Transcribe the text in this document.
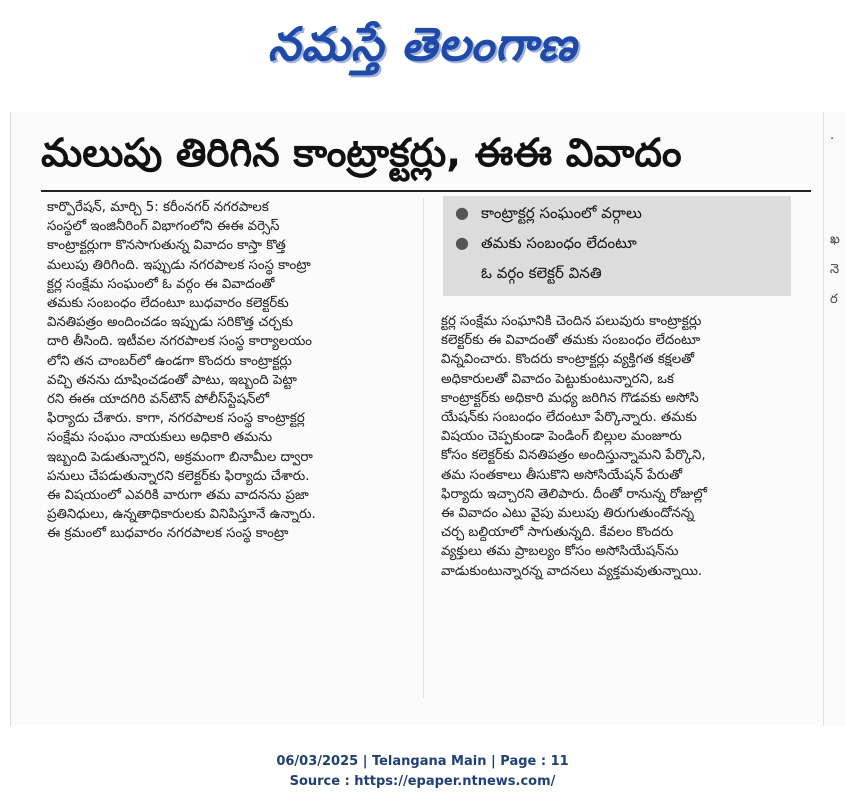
నమస్తే తెలంగాణ
మలుపు తిరిగిన కాంట్రాక్టర్లు, ఈఈ వివాదం
కార్పొరేషన్, మార్చి 5: కరీంనగర్ నగరపాలక
సంస్థలో ఇంజినీరింగ్ విభాగంలోని ఈఈ వర్సెస్
కాంట్రాక్టర్లుగా కొనసాగుతున్న వివాదం కాస్తా కొత్త
మలుపు తిరిగింది. ఇప్పుడు నగరపాలక సంస్థ కాంట్రా
క్టర్ల సంక్షేమ సంఘంలో ఓ వర్గం ఈ వివాదంతో
తమకు సంబంధం లేదంటూ బుధవారం కలెక్టర్‌కు
వినతిపత్రం అందించడం ఇప్పుడు సరికొత్త చర్చకు
దారి తీసింది. ఇటీవల నగరపాలక సంస్థ కార్యాలయం
లోని తన చాంబర్‌లో ఉండగా కొందరు కాంట్రాక్టర్లు
వచ్చి తనను దూషించడంతో పాటు, ఇబ్బంది పెట్టా
రని ఈఈ యాదగిరి వన్‌టౌన్ పోలీస్‌స్టేషన్‌లో
ఫిర్యాదు చేశారు. కాగా, నగరపాలక సంస్థ కాంట్రాక్టర్ల
సంక్షేమ సంఘం నాయకులు అధికారి తమను
ఇబ్బంది పెడుతున్నారని, అక్రమంగా బినామీల ద్వారా
పనులు చేపడుతున్నారని కలెక్టర్‌కు ఫిర్యాదు చేశారు.
ఈ విషయంలో ఎవరికి వారుగా తమ వాదనను ప్రజా
ప్రతినిధులు, ఉన్నతాధికారులకు వినిపిస్తూనే ఉన్నారు.
ఈ క్రమంలో బుధవారం నగరపాలక సంస్థ కాంట్రా
● కాంట్రాక్టర్ల సంఘంలో వర్గాలు
● తమకు సంబంధం లేదంటూ
ఓ వర్గం కలెక్టర్ వినతి
క్టర్ల సంక్షేమ సంఘానికి చెందిన పలువురు కాంట్రాక్టర్లు
కలెక్టర్‌కు ఈ వివాదంతో తమకు సంబంధం లేదంటూ
విన్నవించారు. కొందరు కాంట్రాక్టర్లు వ్యక్తిగత కక్షలతో
అధికారులతో వివాదం పెట్టుకుంటున్నారని, ఒక
కాంట్రాక్టర్‌కు అధికారి మధ్య జరిగిన గొడవకు అసోసి
యేషన్‌కు సంబంధం లేదంటూ పేర్కొన్నారు. తమకు
విషయం చెప్పకుండా పెండింగ్ బిల్లుల మంజూరు
కోసం కలెక్టర్‌కు వినతిపత్రం అందిస్తున్నామని పేర్కొని,
తమ సంతకాలు తీసుకొని అసోసియేషన్ పేరుతో
ఫిర్యాదు ఇచ్చారని తెలిపారు. దీంతో రానున్న రోజుల్లో
ఈ వివాదం ఎటు వైపు మలుపు తిరుగుతుందోనన్న
చర్చ బల్దియాలో సాగుతున్నది. కేవలం కొందరు
వ్యక్తులు తమ ప్రాబల్యం కోసం అసోసియేషన్‌ను
వాడుకుంటున్నారన్న వాదనలు వ్యక్తమవుతున్నాయి.
·
ఖ
నె
ర
06/03/2025 | Telangana Main | Page : 11
Source : https://epaper.ntnews.com/
